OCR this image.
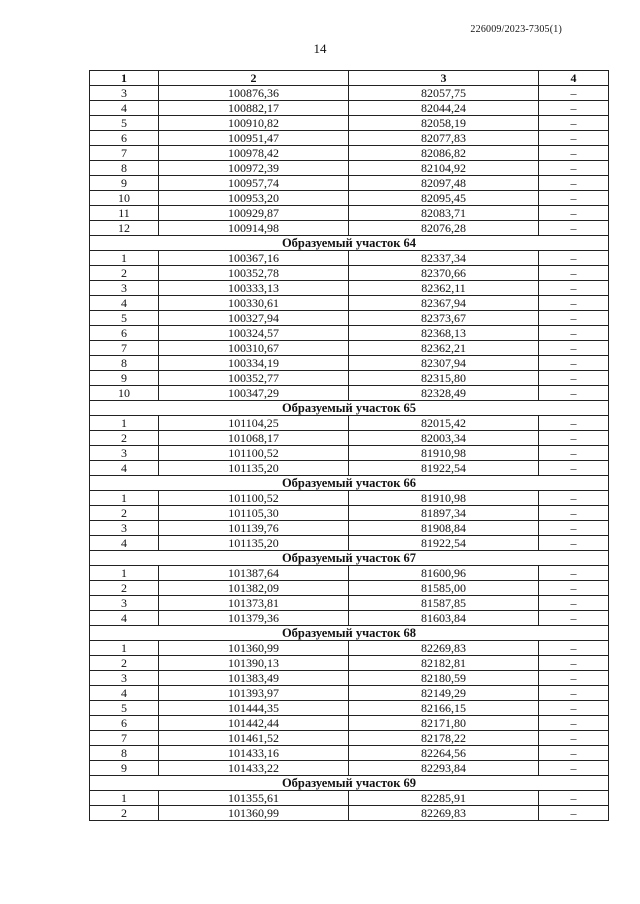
226009/2023-7305(1)
14
1	2	3	4
3	100876,36	82057,75	–
4	100882,17	82044,24	–
5	100910,82	82058,19	–
6	100951,47	82077,83	–
7	100978,42	82086,82	–
8	100972,39	82104,92	–
9	100957,74	82097,48	–
10	100953,20	82095,45	–
11	100929,87	82083,71	–
12	100914,98	82076,28	–
Образуемый участок 64			
1	100367,16	82337,34	–
2	100352,78	82370,66	–
3	100333,13	82362,11	–
4	100330,61	82367,94	–
5	100327,94	82373,67	–
6	100324,57	82368,13	–
7	100310,67	82362,21	–
8	100334,19	82307,94	–
9	100352,77	82315,80	–
10	100347,29	82328,49	–
Образуемый участок 65			
1	101104,25	82015,42	–
2	101068,17	82003,34	–
3	101100,52	81910,98	–
4	101135,20	81922,54	–
Образуемый участок 66			
1	101100,52	81910,98	–
2	101105,30	81897,34	–
3	101139,76	81908,84	–
4	101135,20	81922,54	–
Образуемый участок 67			
1	101387,64	81600,96	–
2	101382,09	81585,00	–
3	101373,81	81587,85	–
4	101379,36	81603,84	–
Образуемый участок 68			
1	101360,99	82269,83	–
2	101390,13	82182,81	–
3	101383,49	82180,59	–
4	101393,97	82149,29	–
5	101444,35	82166,15	–
6	101442,44	82171,80	–
7	101461,52	82178,22	–
8	101433,16	82264,56	–
9	101433,22	82293,84	–
Образуемый участок 69			
1	101355,61	82285,91	–
2	101360,99	82269,83	–
